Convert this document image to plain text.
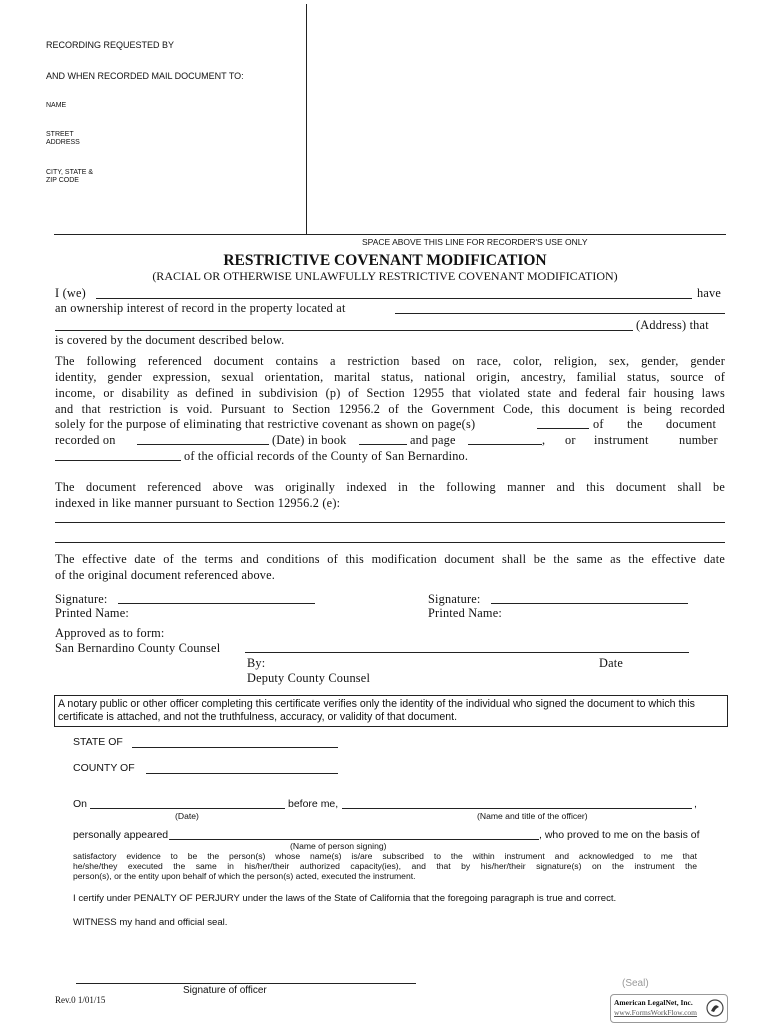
RECORDING REQUESTED BY
AND WHEN RECORDED MAIL DOCUMENT TO:
NAME
STREET
ADDRESS
CITY, STATE &
ZIP CODE
SPACE ABOVE THIS LINE FOR RECORDER'S USE ONLY
RESTRICTIVE COVENANT MODIFICATION
(RACIAL OR OTHERWISE UNLAWFULLY RESTRICTIVE COVENANT MODIFICATION)
I (we)	have
an ownership interest of record in the property located at
(Address) that
is covered by the document described below.
The following referenced document contains a restriction based on race, color, religion, sex, gender, gender
identity, gender expression, sexual orientation, marital status, national origin, ancestry, familial status, source of
income, or disability as defined in subdivision (p) of Section 12955 that violated state and federal fair housing laws
and that restriction is void. Pursuant to Section 12956.2 of the Government Code, this document is being recorded
solely for the purpose of eliminating that restrictive covenant as shown on page(s)	of the document
recorded on	(Date) in book	and page	, or instrument number
of the official records of the County of San Bernardino.
The document referenced above was originally indexed in the following manner and this document shall be
indexed in like manner pursuant to Section 12956.2 (e):
The effective date of the terms and conditions of this modification document shall be the same as the effective date
of the original document referenced above.
Signature:
Printed Name:
Signature:
Printed Name:
Approved as to form:
San Bernardino County Counsel
By:	Date
Deputy County Counsel
A notary public or other officer completing this certificate verifies only the identity of the individual who signed the document to which this certificate is attached, and not the truthfulness, accuracy, or validity of that document.
STATE OF
COUNTY OF
On	before me,	,
(Date)	(Name and title of the officer)
personally appeared	, who proved to me on the basis of
(Name of person signing)
satisfactory evidence to be the person(s) whose name(s) is/are subscribed to the within instrument and acknowledged to me that
he/she/they executed the same in his/her/their authorized capacity(ies), and that by his/her/their signature(s) on the instrument the
person(s), or the entity upon behalf of which the person(s) acted, executed the instrument.
I certify under PENALTY OF PERJURY under the laws of the State of California that the foregoing paragraph is true and correct.
WITNESS my hand and official seal.
Signature of officer
(Seal)
Rev.0 1/01/15	American LegalNet, Inc.
www.FormsWorkFlow.com
